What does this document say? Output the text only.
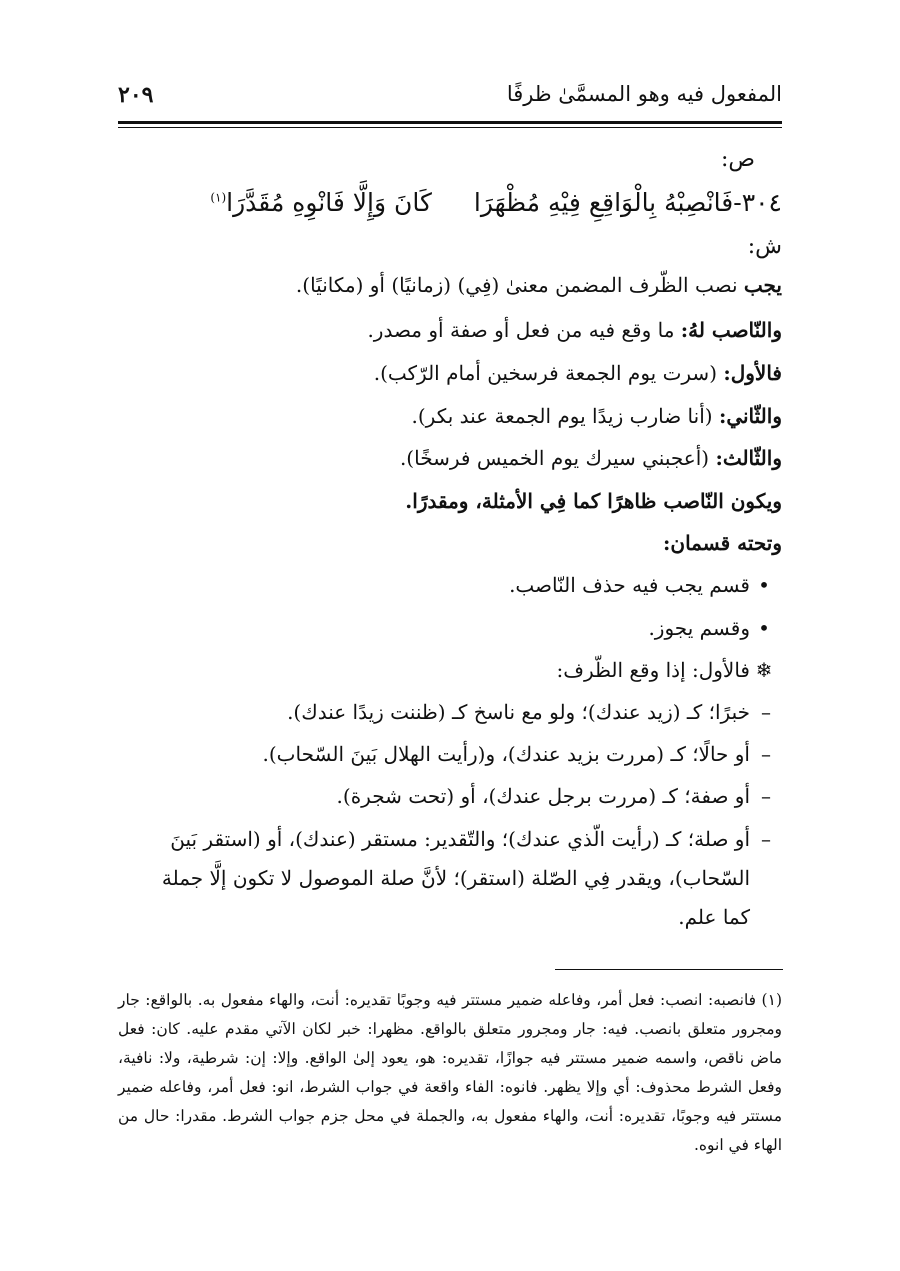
المفعول فيه وهو المسمَّىٰ ظرفًا
٢٠٩
ص:
٣٠٤-فَانْصِبْهُ بِالْوَاقِعِ فِيْهِ مُظْهَرَاكَانَ وَإِلَّا فَانْوِهِ مُقَدَّرَا$^{(١)}$
ش:
يجب نصب الظّرف المضمن معنىٰ (فِي) (زمانيًا) أو (مكانيًا).
والنّاصب لهُ: ما وقع فيه من فعل أو صفة أو مصدر.
فالأول: (سرت يوم الجمعة فرسخين أمام الرّكب).
والثّاني: (أنا ضارب زيدًا يوم الجمعة عند بكر).
والثّالث: (أعجبني سيرك يوم الخميس فرسخًا).
ويكون النّاصب ظاهرًا كما فِي الأمثلة، ومقدرًا.
وتحته قسمان:
•قسم يجب فيه حذف النّاصب.
•وقسم يجوز.
❄فالأول: إذا وقع الظّرف:
–خبرًا؛ كـ (زيد عندك)؛ ولو مع ناسخ كـ (ظننت زيدًا عندك).
–أو حالًا؛ كـ (مررت بزيد عندك)، و(رأيت الهلال بَينَ السّحاب).
–أو صفة؛ كـ (مررت برجل عندك)، أو (تحت شجرة).
–أو صلة؛ كـ (رأيت الّذي عندك)؛ والتّقدير: مستقر (عندك)، أو (استقر بَينَ
السّحاب)، ويقدر فِي الصّلة (استقر)؛ لأنَّ صلة الموصول لا تكون إلَّا جملة
كما علم.
(١) فانصبه: انصب: فعل أمر، وفاعله ضمير مستتر فيه وجوبًا تقديره: أنت، والهاء مفعول به. بالواقع: جار ومجرور متعلق بانصب. فيه: جار ومجرور متعلق بالواقع. مظهرا: خبر لكان الآتي مقدم عليه. كان: فعل ماض ناقص، واسمه ضمير مستتر فيه جوازًا، تقديره: هو، يعود إلىٰ الواقع. وإلا: إن: شرطية، ولا: نافية، وفعل الشرط محذوف: أي وإلا يظهر. فانوه: الفاء واقعة في جواب الشرط، انو: فعل أمر، وفاعله ضمير مستتر فيه وجوبًا، تقديره: أنت، والهاء مفعول به، والجملة في محل جزم جواب الشرط. مقدرا: حال من الهاء في انوه.
